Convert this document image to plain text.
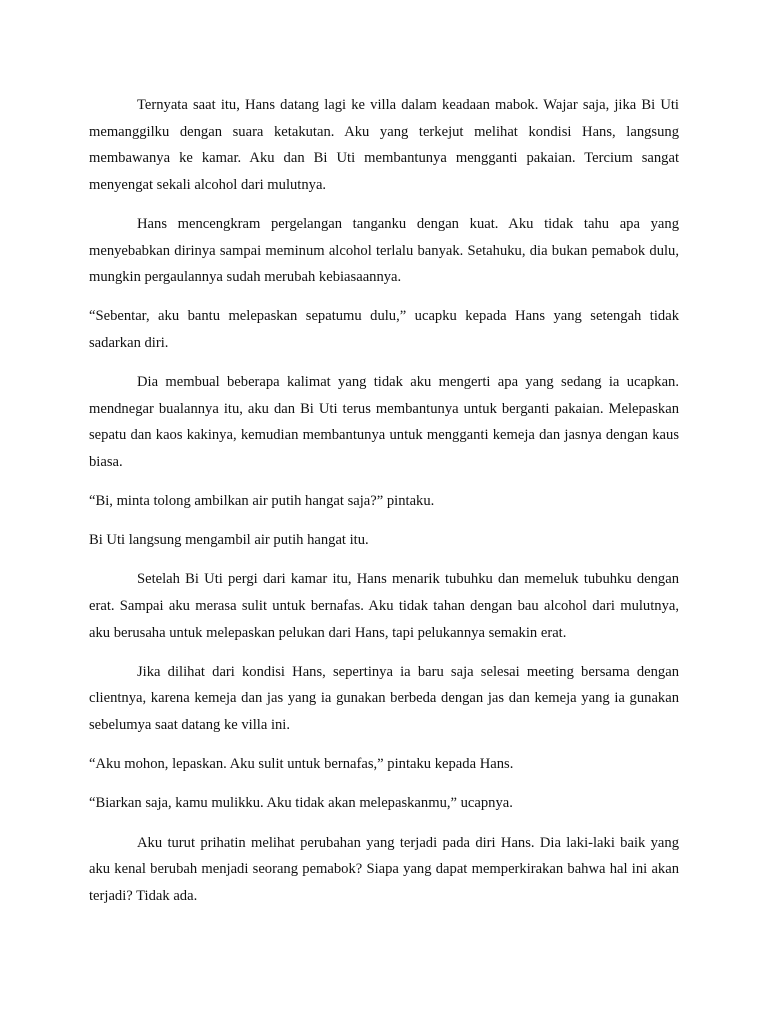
Ternyata saat itu, Hans datang lagi ke villa dalam keadaan mabok. Wajar saja, jika Bi Uti memanggilku dengan suara ketakutan. Aku yang terkejut melihat kondisi Hans, langsung membawanya ke kamar. Aku dan Bi Uti membantunya mengganti pakaian. Tercium sangat menyengat sekali alcohol dari mulutnya.

Hans mencengkram pergelangan tanganku dengan kuat. Aku tidak tahu apa yang menyebabkan dirinya sampai meminum alcohol terlalu banyak. Setahuku, dia bukan pemabok dulu, mungkin pergaulannya sudah merubah kebiasaannya.

“Sebentar, aku bantu melepaskan sepatumu dulu,” ucapku kepada Hans yang setengah tidak sadarkan diri.

Dia membual beberapa kalimat yang tidak aku mengerti apa yang sedang ia ucapkan. mendnegar bualannya itu, aku dan Bi Uti terus membantunya untuk berganti pakaian. Melepaskan sepatu dan kaos kakinya, kemudian membantunya untuk mengganti kemeja dan jasnya dengan kaus biasa.

“Bi, minta tolong ambilkan air putih hangat saja?” pintaku.

Bi Uti langsung mengambil air putih hangat itu.

Setelah Bi Uti pergi dari kamar itu, Hans menarik tubuhku dan memeluk tubuhku dengan erat. Sampai aku merasa sulit untuk bernafas. Aku tidak tahan dengan bau alcohol dari mulutnya, aku berusaha untuk melepaskan pelukan dari Hans, tapi pelukannya semakin erat.

Jika dilihat dari kondisi Hans, sepertinya ia baru saja selesai meeting bersama dengan clientnya, karena kemeja dan jas yang ia gunakan berbeda dengan jas dan kemeja yang ia gunakan sebelumya saat datang ke villa ini.

“Aku mohon, lepaskan. Aku sulit untuk bernafas,” pintaku kepada Hans.

“Biarkan saja, kamu mulikku. Aku tidak akan melepaskanmu,” ucapnya.

Aku turut prihatin melihat perubahan yang terjadi pada diri Hans. Dia laki-laki baik yang aku kenal berubah menjadi seorang pemabok? Siapa yang dapat memperkirakan bahwa hal ini akan terjadi? Tidak ada.
